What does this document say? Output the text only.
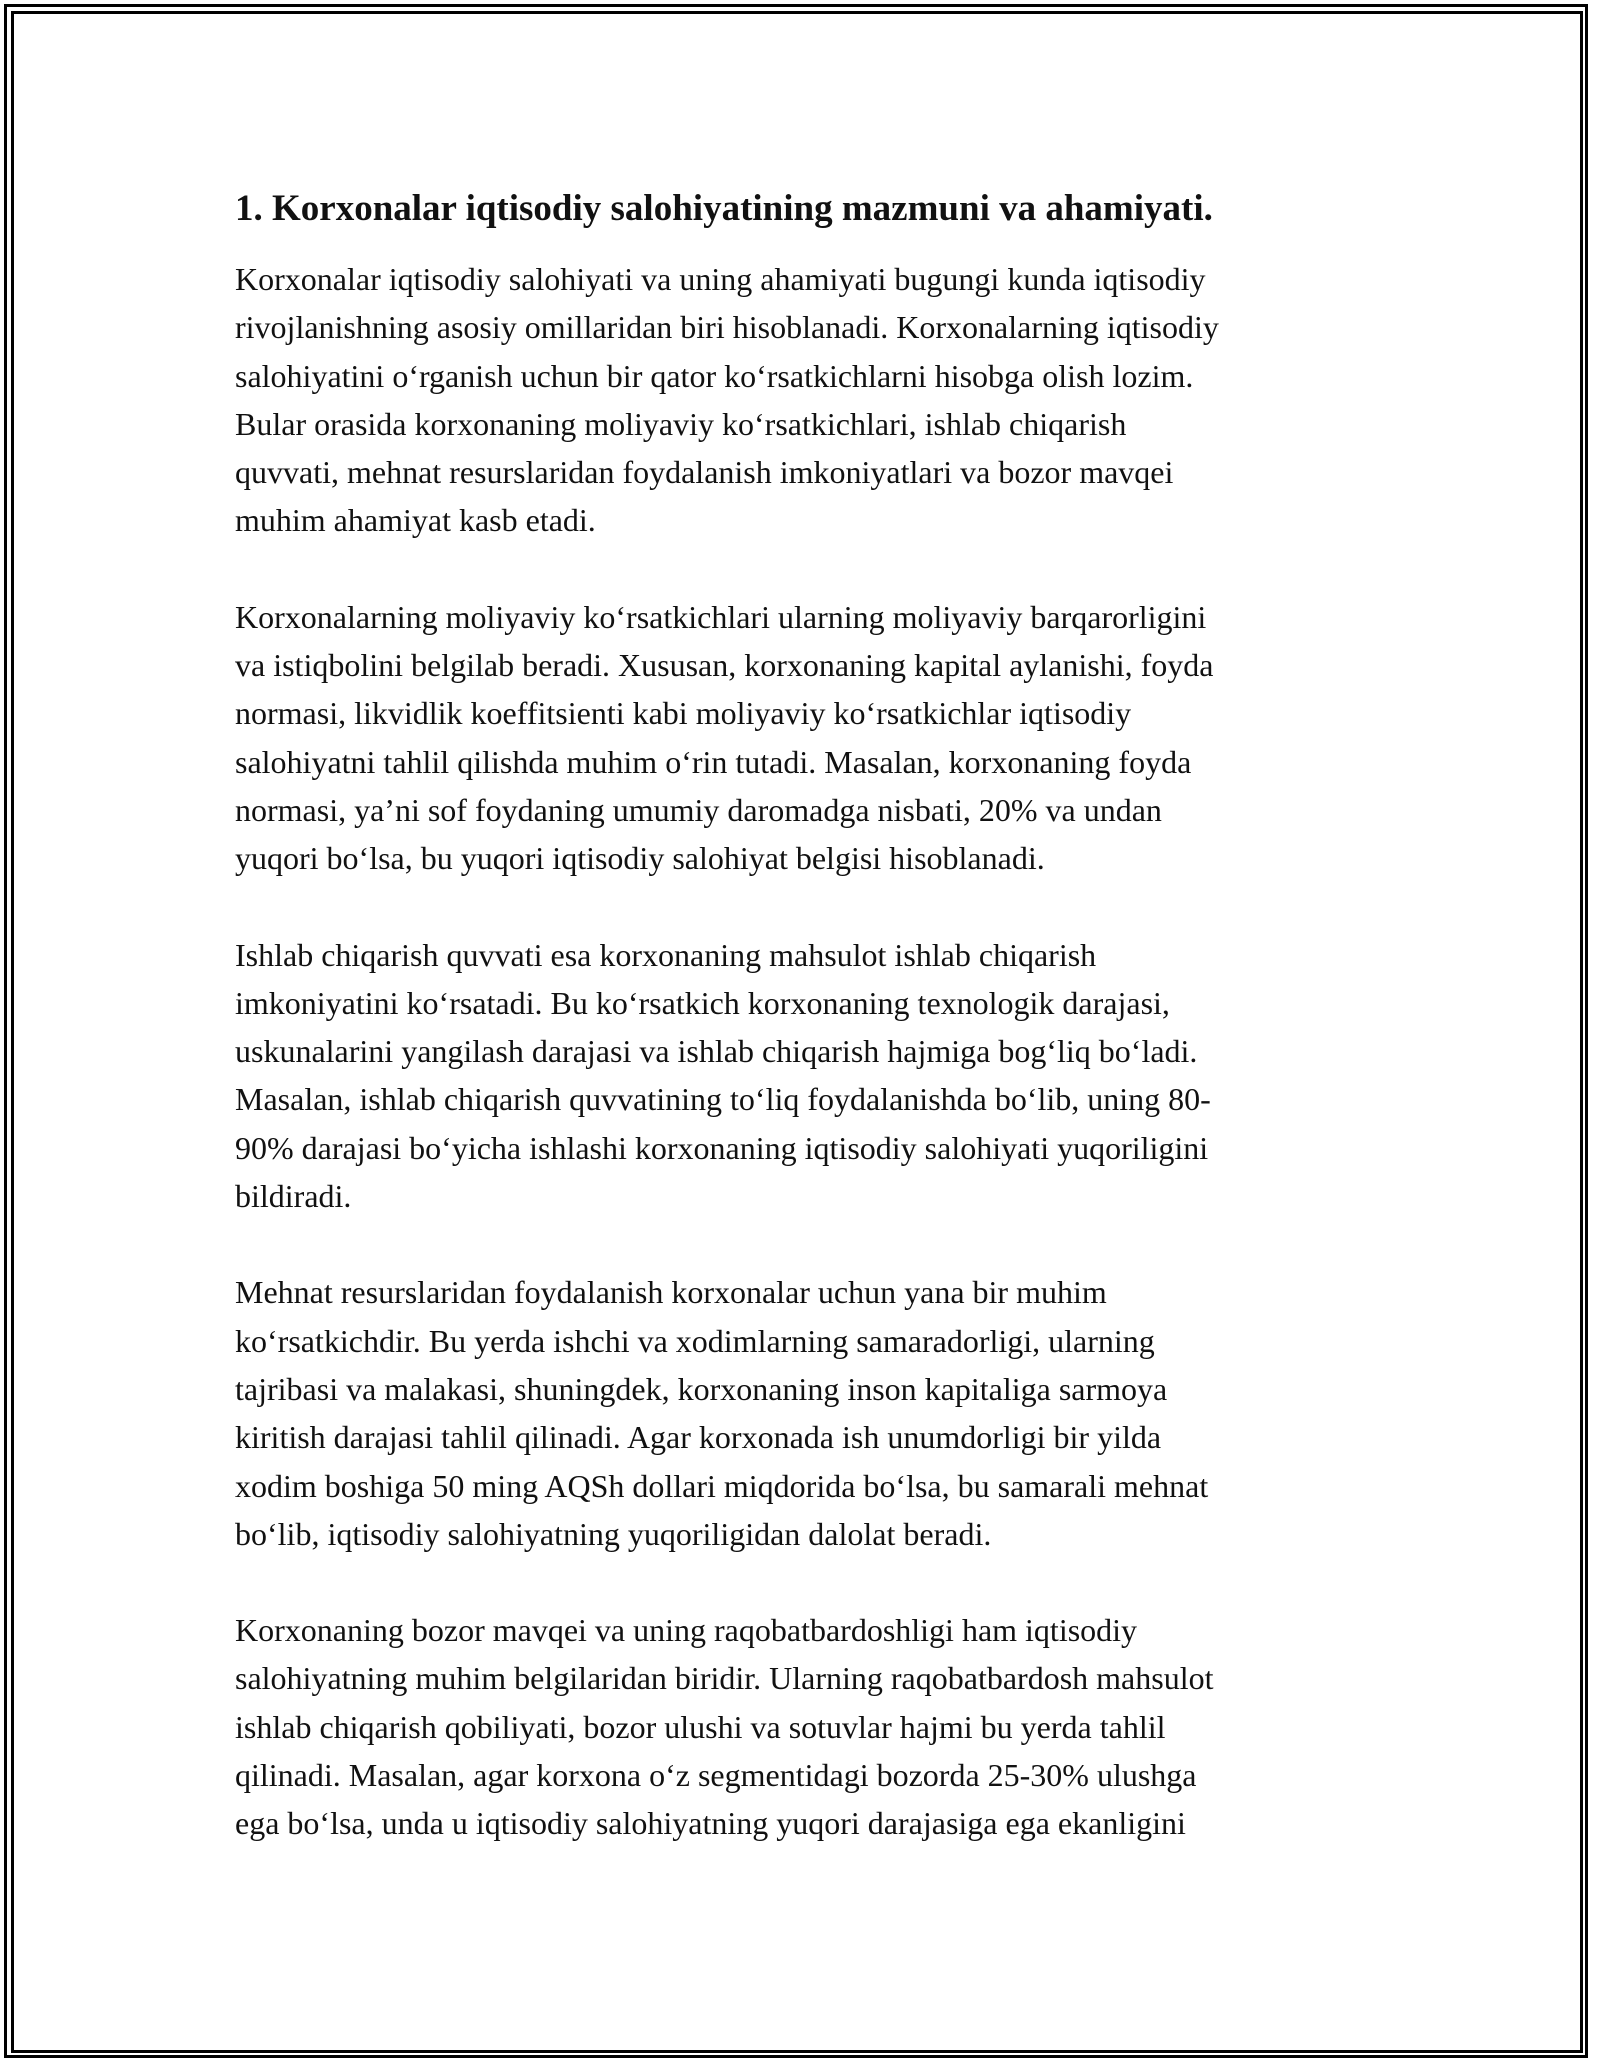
1. Korxonalar iqtisodiy salohiyatining mazmuni va ahamiyati.

Korxonalar iqtisodiy salohiyati va uning ahamiyati bugungi kunda iqtisodiy
rivojlanishning asosiy omillaridan biri hisoblanadi. Korxonalarning iqtisodiy
salohiyatini oʻrganish uchun bir qator koʻrsatkichlarni hisobga olish lozim.
Bular orasida korxonaning moliyaviy koʻrsatkichlari, ishlab chiqarish
quvvati, mehnat resurslaridan foydalanish imkoniyatlari va bozor mavqei
muhim ahamiyat kasb etadi.

Korxonalarning moliyaviy koʻrsatkichlari ularning moliyaviy barqarorligini
va istiqbolini belgilab beradi. Xususan, korxonaning kapital aylanishi, foyda
normasi, likvidlik koeffitsienti kabi moliyaviy koʻrsatkichlar iqtisodiy
salohiyatni tahlil qilishda muhim oʻrin tutadi. Masalan, korxonaning foyda
normasi, ya’ni sof foydaning umumiy daromadga nisbati, 20% va undan
yuqori boʻlsa, bu yuqori iqtisodiy salohiyat belgisi hisoblanadi.

Ishlab chiqarish quvvati esa korxonaning mahsulot ishlab chiqarish
imkoniyatini koʻrsatadi. Bu koʻrsatkich korxonaning texnologik darajasi,
uskunalarini yangilash darajasi va ishlab chiqarish hajmiga bogʻliq boʻladi.
Masalan, ishlab chiqarish quvvatining toʻliq foydalanishda boʻlib, uning 80-
90% darajasi boʻyicha ishlashi korxonaning iqtisodiy salohiyati yuqoriligini
bildiradi.

Mehnat resurslaridan foydalanish korxonalar uchun yana bir muhim
koʻrsatkichdir. Bu yerda ishchi va xodimlarning samaradorligi, ularning
tajribasi va malakasi, shuningdek, korxonaning inson kapitaliga sarmoya
kiritish darajasi tahlil qilinadi. Agar korxonada ish unumdorligi bir yilda
xodim boshiga 50 ming AQSh dollari miqdorida boʻlsa, bu samarali mehnat
boʻlib, iqtisodiy salohiyatning yuqoriligidan dalolat beradi.

Korxonaning bozor mavqei va uning raqobatbardoshligi ham iqtisodiy
salohiyatning muhim belgilaridan biridir. Ularning raqobatbardosh mahsulot
ishlab chiqarish qobiliyati, bozor ulushi va sotuvlar hajmi bu yerda tahlil
qilinadi. Masalan, agar korxona oʻz segmentidagi bozorda 25-30% ulushga
ega boʻlsa, unda u iqtisodiy salohiyatning yuqori darajasiga ega ekanligini
